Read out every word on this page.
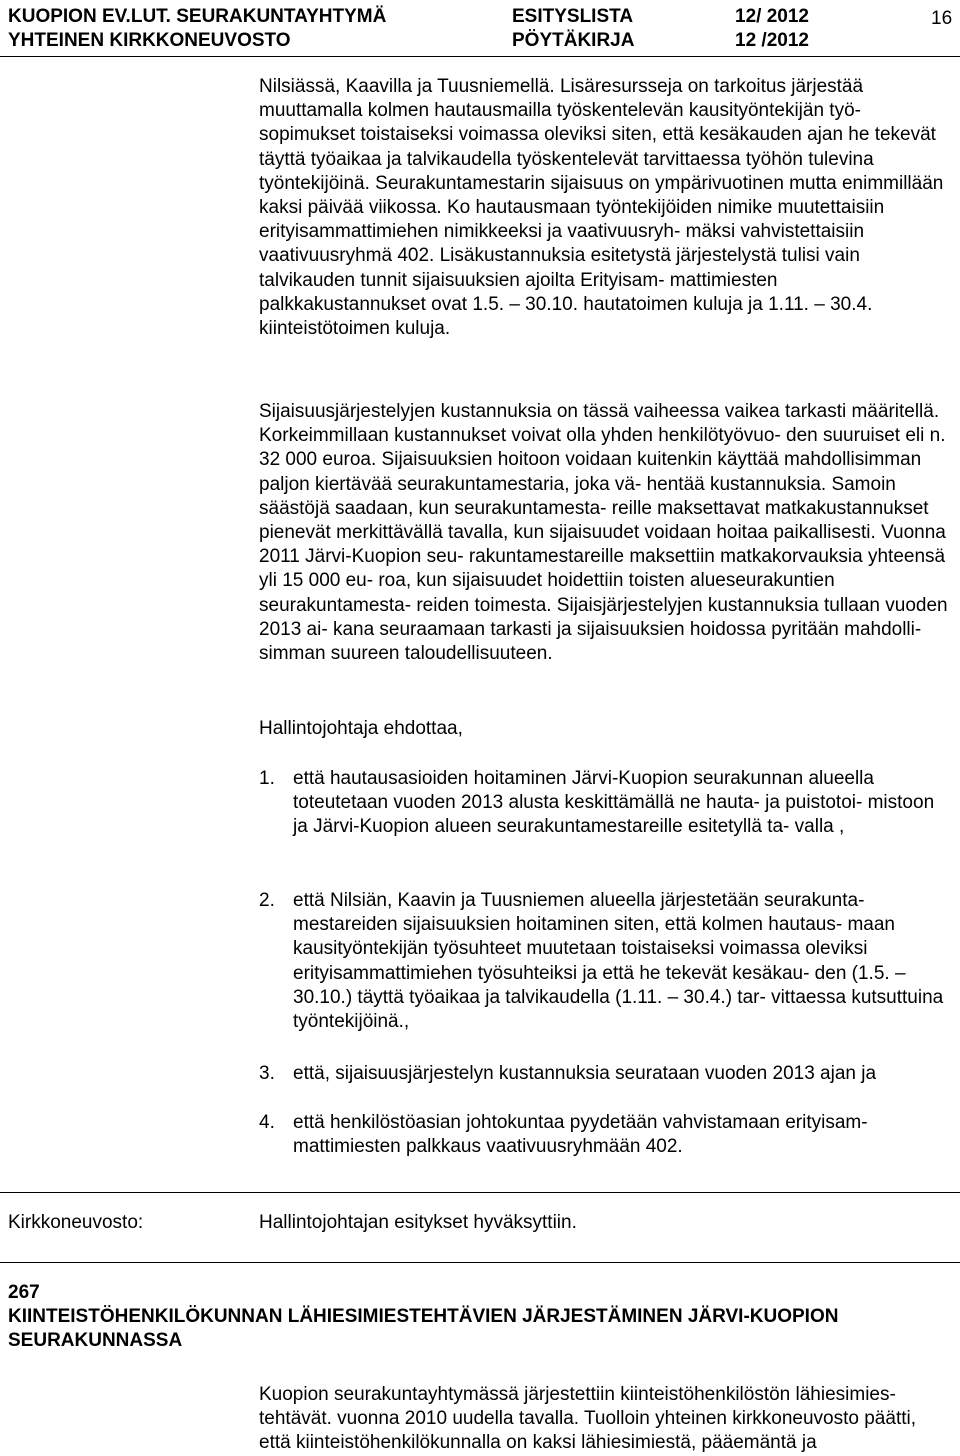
KUOPION EV.LUT. SEURAKUNTAYHTYMÄ
YHTEINEN KIRKKONEUVOSTO
ESITYSLISTA
PÖYTÄKIRJA
12/ 2012
12 /2012
16

Nilsiässä, Kaavilla ja Tuusniemellä. Lisäresursseja on tarkoitus järjestää muuttamalla kolmen hautausmailla työskentelevän kausityöntekijän työ- sopimukset toistaiseksi voimassa oleviksi siten, että kesäkauden ajan he tekevät täyttä työaikaa ja talvikaudella työskentelevät tarvittaessa työhön tulevina työntekijöinä. Seurakuntamestarin sijaisuus on ympärivuotinen mutta enimmillään kaksi päivää viikossa. Ko hautausmaan työntekijöiden nimike muutettaisiin erityisammattimiehen nimikkeeksi ja vaativuusryh- mäksi vahvistettaisiin vaativuusryhmä 402. Lisäkustannuksia esitetystä järjestelystä tulisi vain talvikauden tunnit sijaisuuksien ajoilta Erityisam- mattimiesten palkkakustannukset ovat 1.5. – 30.10. hautatoimen kuluja ja 1.11. – 30.4. kiinteistötoimen kuluja.

Sijaisuusjärjestelyjen kustannuksia on tässä vaiheessa vaikea tarkasti määritellä. Korkeimmillaan kustannukset voivat olla yhden henkilötyövuo- den suuruiset eli n. 32 000 euroa. Sijaisuuksien hoitoon voidaan kuitenkin käyttää mahdollisimman paljon kiertävää seurakuntamestaria, joka vä- hentää kustannuksia. Samoin säästöjä saadaan, kun seurakuntamesta- reille maksettavat matkakustannukset pienevät merkittävällä tavalla, kun sijaisuudet voidaan hoitaa paikallisesti. Vuonna 2011 Järvi-Kuopion seu- rakuntamestareille maksettiin matkakorvauksia yhteensä yli 15 000 eu- roa, kun sijaisuudet hoidettiin toisten alueseurakuntien seurakuntamesta- reiden toimesta. Sijaisjärjestelyjen kustannuksia tullaan vuoden 2013 ai- kana seuraamaan tarkasti ja sijaisuuksien hoidossa pyritään mahdolli- simman suureen taloudellisuuteen.

Hallintojohtaja ehdottaa,

1. että hautausasioiden hoitaminen Järvi-Kuopion seurakunnan alueella toteutetaan vuoden 2013 alusta keskittämällä ne hauta- ja puistotoi- mistoon ja Järvi-Kuopion alueen seurakuntamestareille esitetyllä ta- valla ,
2. että Nilsiän, Kaavin ja Tuusniemen alueella järjestetään seurakunta- mestareiden sijaisuuksien hoitaminen siten, että kolmen hautaus- maan kausityöntekijän työsuhteet muutetaan toistaiseksi voimassa oleviksi erityisammattimiehen työsuhteiksi ja että he tekevät kesäkau- den (1.5. – 30.10.) täyttä työaikaa ja talvikaudella (1.11. – 30.4.) tar- vittaessa kutsuttuina työntekijöinä.,
3. että, sijaisuusjärjestelyn kustannuksia seurataan vuoden 2013 ajan ja
4. että henkilöstöasian johtokuntaa pyydetään vahvistamaan erityisam- mattimiesten palkkaus vaativuusryhmään 402.
Kirkkoneuvosto:	Hallintojohtajan esitykset hyväksyttiin.
267
KIINTEISTÖHENKILÖKUNNAN LÄHIESIMIESTEHTÄVIEN JÄRJESTÄMINEN JÄRVI-KUOPION SEURAKUNNASSA

Kuopion seurakuntayhtymässä järjestettiin kiinteistöhenkilöstön lähiesimies- tehtävät. vuonna 2010 uudella tavalla. Tuolloin yhteinen kirkkoneuvosto päätti, että kiinteistöhenkilökunnalla on kaksi lähiesimiestä, pääemäntä ja
